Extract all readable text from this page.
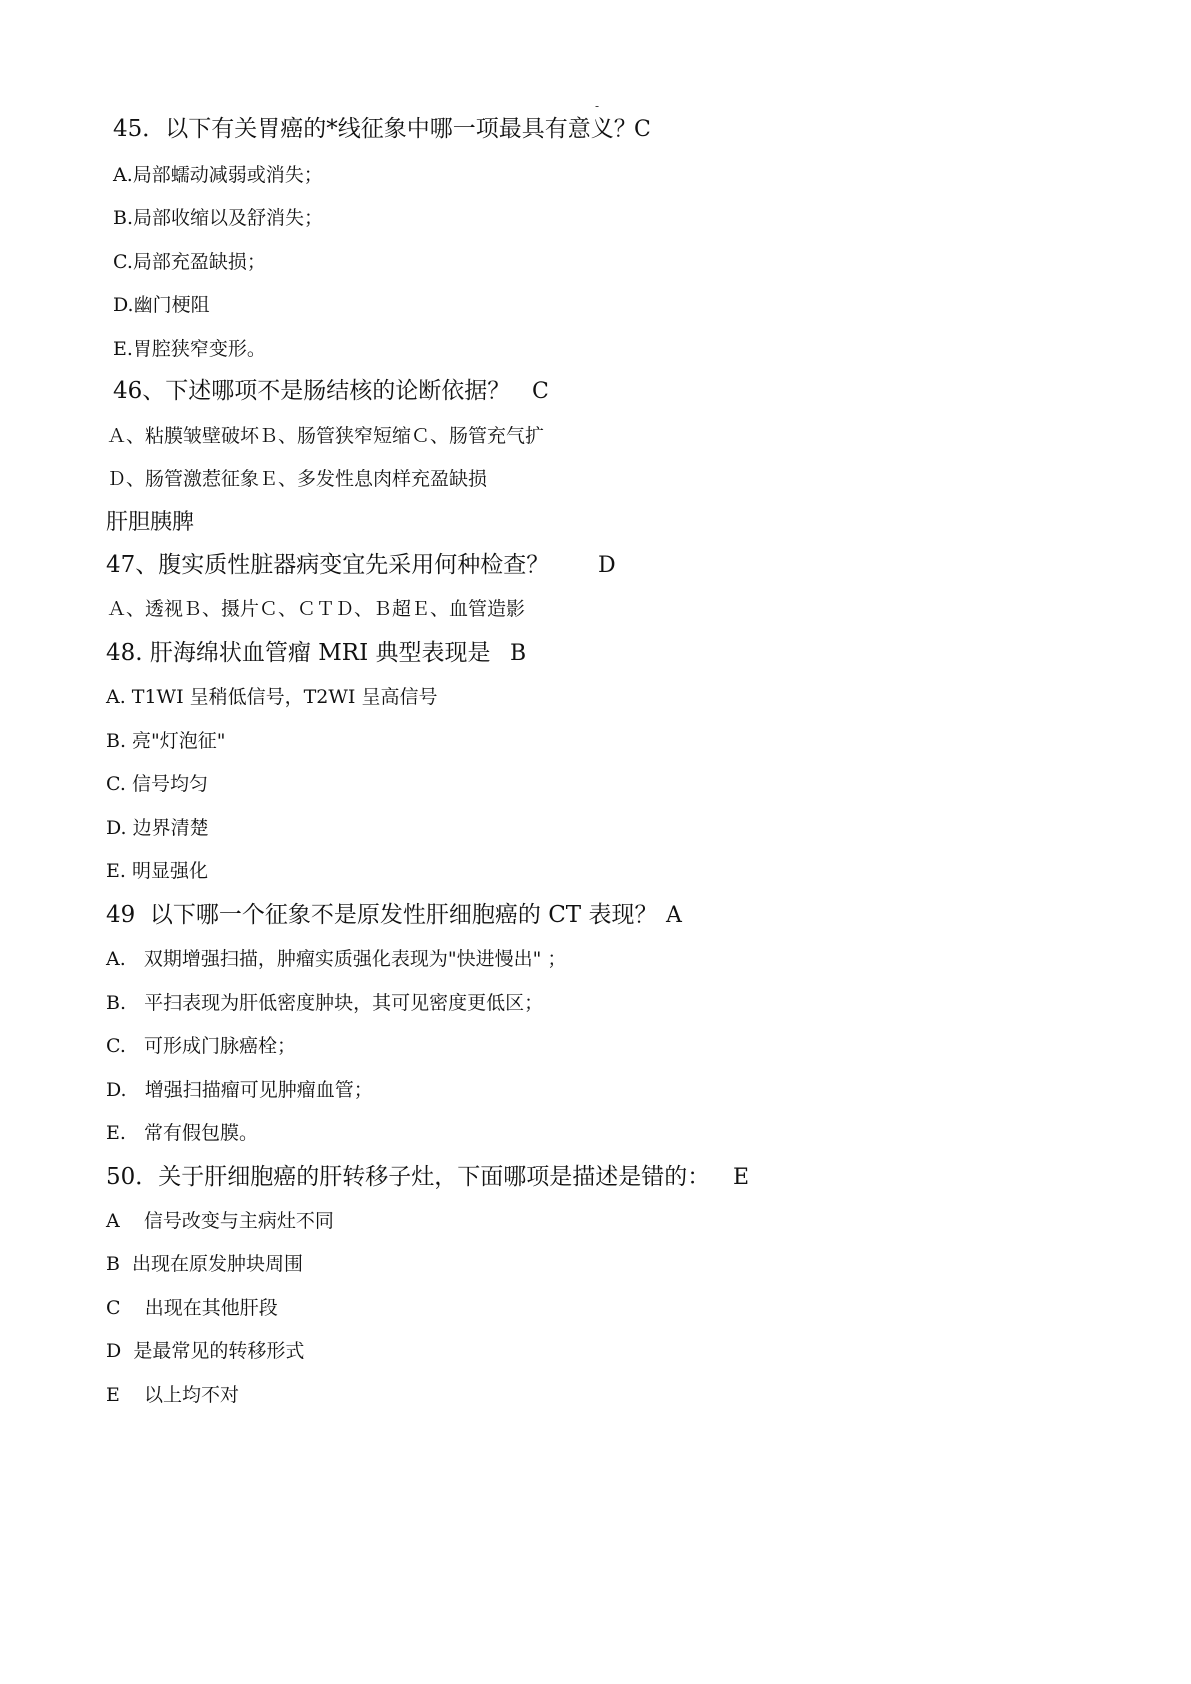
-
45．以下有关胃癌的*线征象中哪一项最具有意义？
C
A.局部蠕动减弱或消失；
B.局部收缩以及舒消失；
C.局部充盈缺损；
D.幽门梗阻
E.胃腔狭窄变形。
46、下述哪项不是肠结核的论断依据？ C
Ａ、粘膜皱壁破坏Ｂ、肠管狭窄短缩Ｃ、肠管充气扩
Ｄ、肠管激惹征象Ｅ、多发性息肉样充盈缺损
肝胆胰脾
47、腹实质性脏器病变宜先采用何种检查？ D
Ａ、透视Ｂ、摄片Ｃ、ＣＴＤ、Ｂ超Ｅ、血管造影
48. 肝海绵状血管瘤 MRI 典型表现是 B
A. T1WI 呈稍低信号，T2WI 呈高信号
B. 亮"灯泡征"
C. 信号均匀
D. 边界清楚
E. 明显强化
49  以下哪一个征象不是原发性肝细胞癌的 CT 表现？ A
A.   双期增强扫描，肿瘤实质强化表现为"快进慢出" ；
B.   平扫表现为肝低密度肿块，其可见密度更低区；
C.   可形成门脉癌栓；
D.   增强扫描瘤可见肿瘤血管；
E.   常有假包膜。
50．关于肝细胞癌的肝转移子灶，下面哪项是描述是错的： E
A    信号改变与主病灶不同
B  出现在原发肿块周围
C    出现在其他肝段
D  是最常见的转移形式
E    以上均不对
